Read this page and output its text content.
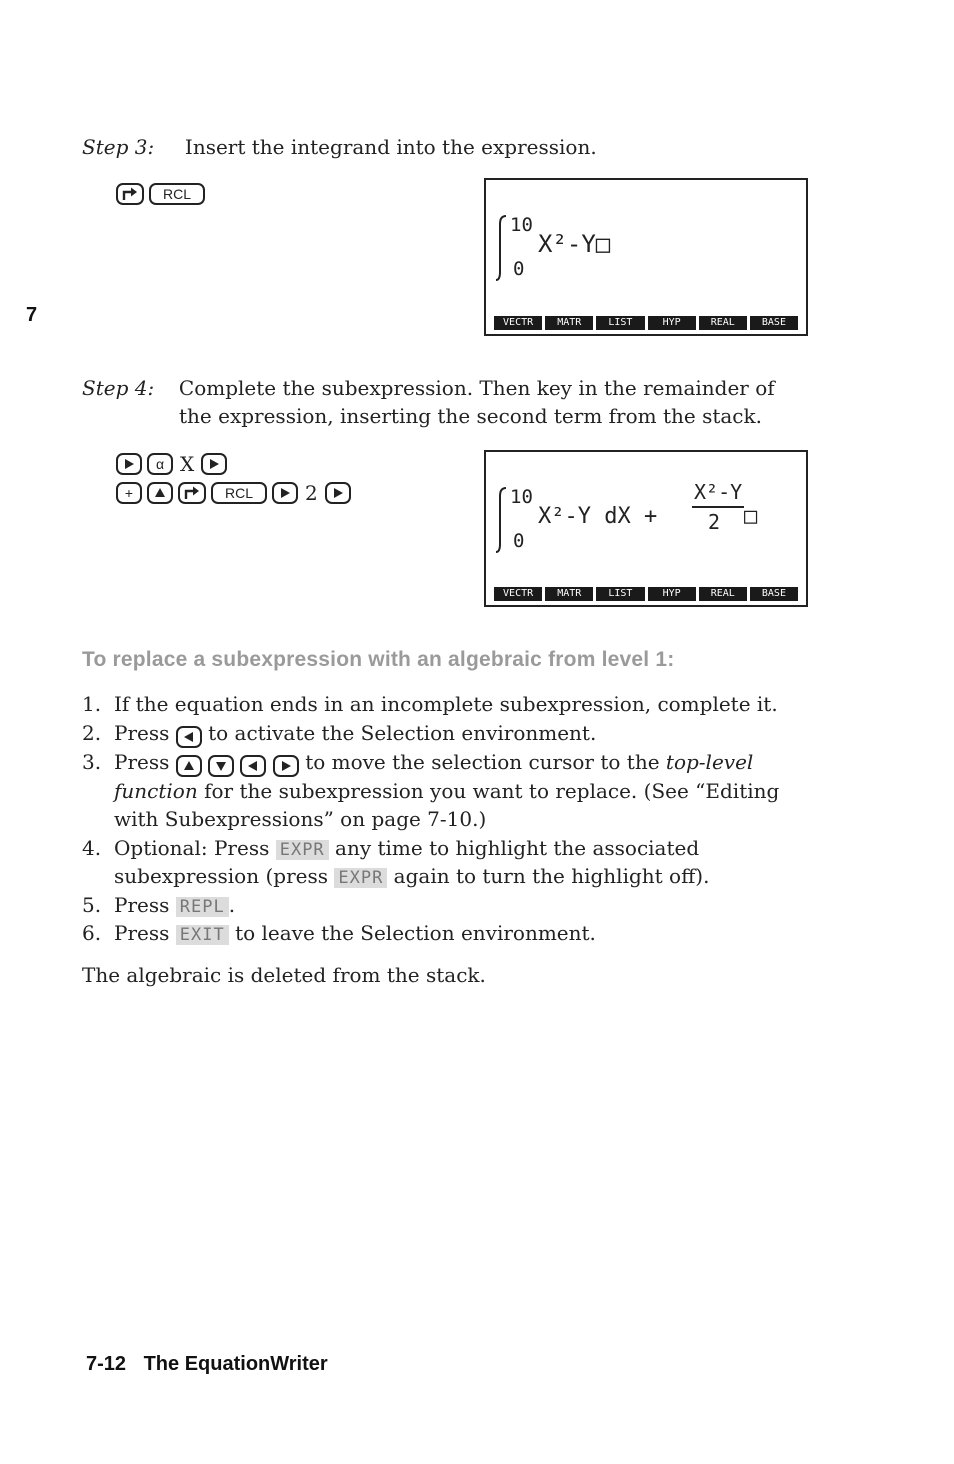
7
Step 3: Insert the integrand into the expression.
RCL
10
0
X²-Y□
VECTR	MATR	LIST	HYP	REAL	BASE
Step 4: Complete the subexpression. Then key in the remainder of
the expression, inserting the second term from the stack.
α X
+	RCL	2	10
0
X²-Y dX +
X²-Y
2 □
VECTR	MATR	LIST	HYP	REAL	BASE
To replace a subexpression with an algebraic from level 1:
1. If the equation ends in an incomplete subexpression, complete it.
2. Press to activate the Selection environment.
3. Press

	to move the selection cursor to the top-level function for the subexpression you want to replace. (See “Editing with Subexpressions” on page 7-10.)
4. Optional: Press EXPR any time to highlight the associated subexpression (press EXPR again to turn the highlight off).
5. Press REPL .
6. Press EXIT to leave the Selection environment.
The algebraic is deleted from the stack.
7-12 The EquationWriter
